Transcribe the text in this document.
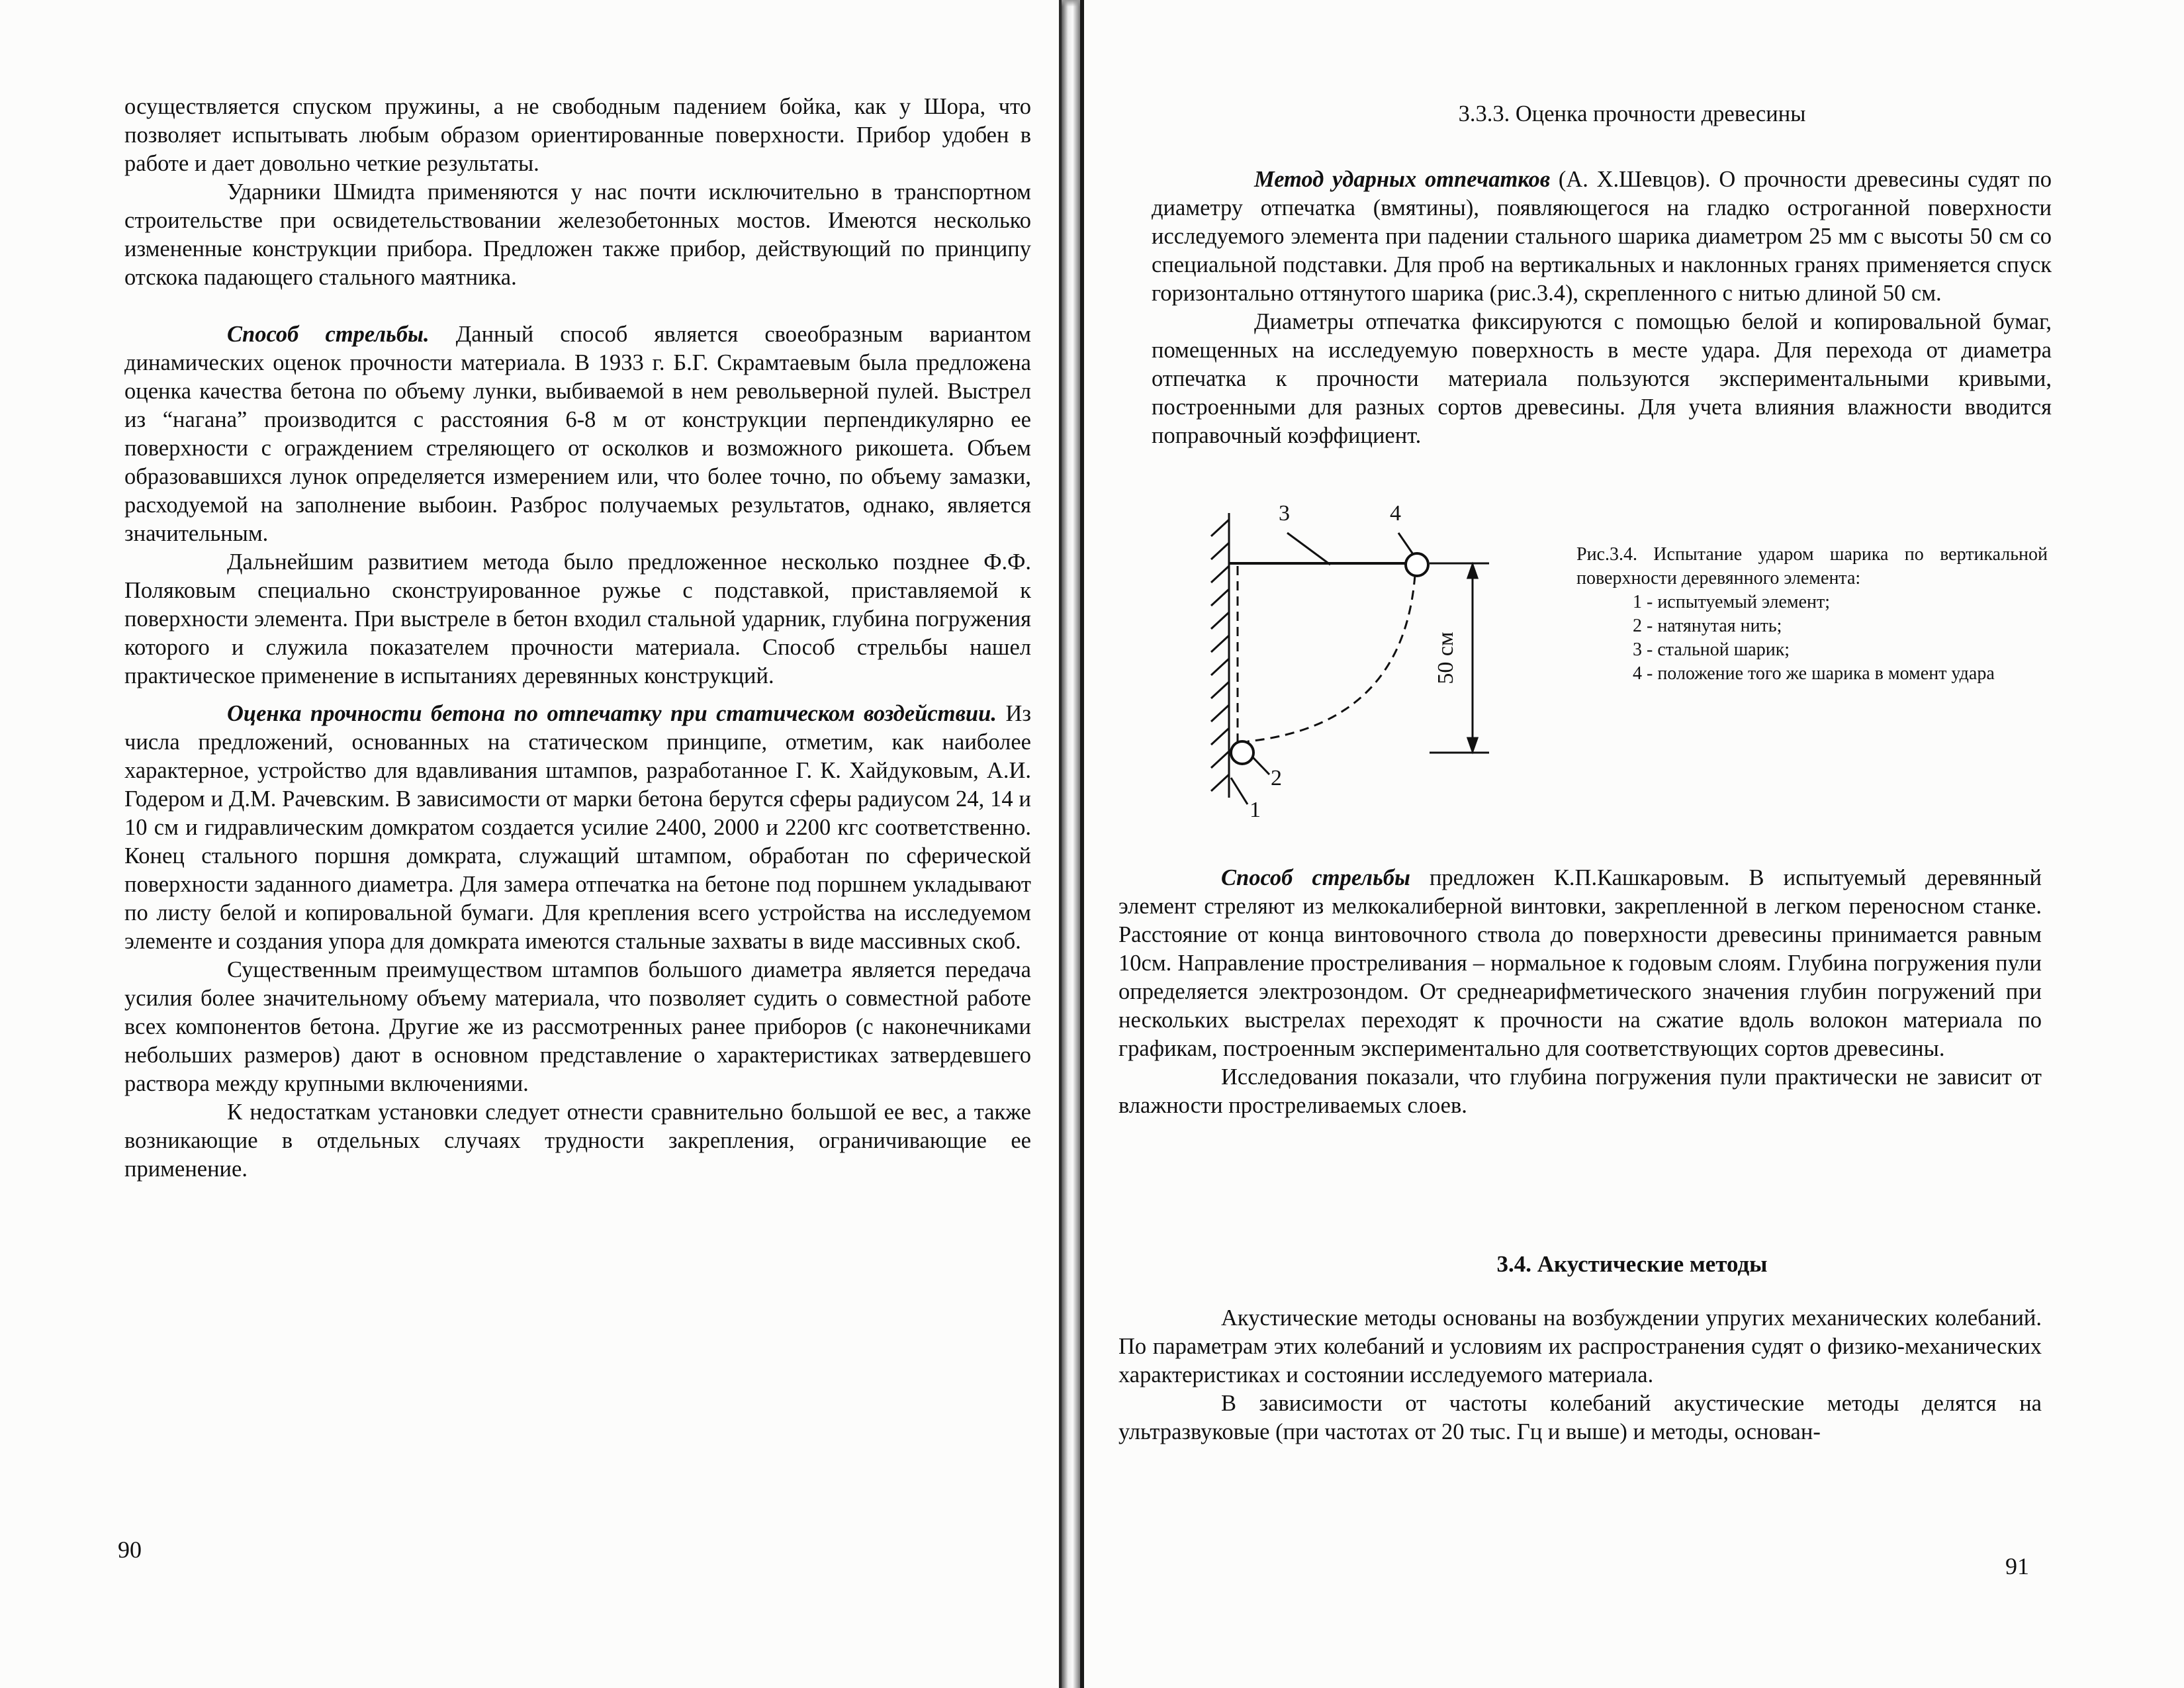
осуществляется спуском пружины, а не свободным падением бойка, как у Шора, что позволяет испытывать любым образом ориентированные поверхности. Прибор удобен в работе и дает довольно четкие результаты.

Ударники Шмидта применяются у нас почти исключительно в транспортном строительстве при освидетельствовании железобетонных мостов. Имеются несколько измененные конструкции прибора. Предложен также прибор, действующий по принципу отскока падающего стального маятника.

Способ стрельбы. Данный способ является своеобразным вариантом динамических оценок прочности материала. В 1933 г. Б.Г. Скрамтаевым была предложена оценка качества бетона по объему лунки, выбиваемой в нем револьверной пулей. Выстрел из “нагана” производится с расстояния 6-8 м от конструкции перпендикулярно ее поверхности с ограждением стреляющего от осколков и возможного рикошета. Объем образовавшихся лунок определяется измерением или, что более точно, по объему замазки, расходуемой на заполнение выбоин. Разброс получаемых результатов, однако, является значительным.

Дальнейшим развитием метода было предложенное несколько позднее Ф.Ф. Поляковым специально сконструированное ружье с подставкой, приставляемой к поверхности элемента. При выстреле в бетон входил стальной ударник, глубина погружения которого и служила показателем прочности материала. Способ стрельбы нашел практическое применение в испытаниях деревянных конструкций.

Оценка прочности бетона по отпечатку при статическом воздействии. Из числа предложений, основанных на статическом принципе, отметим, как наиболее характерное, устройство для вдавливания штампов, разработанное Г. К. Хайдуковым, А.И. Годером и Д.М. Рачевским. В зависимости от марки бетона берутся сферы радиусом 24, 14 и 10 см и гидравлическим домкратом создается усилие 2400, 2000 и 2200 кгс соответственно. Конец стального поршня домкрата, служащий штампом, обработан по сферической поверхности заданного диаметра. Для замера отпечатка на бетоне под поршнем укладывают по листу белой и копировальной бумаги. Для крепления всего устройства на исследуемом элементе и создания упора для домкрата имеются стальные захваты в виде массивных скоб.

Существенным преимуществом штампов большого диаметра является передача усилия более значительному объему материала, что позволяет судить о совместной работе всех компонентов бетона. Другие же из рассмотренных ранее приборов (с наконечниками небольших размеров) дают в основном представление о характеристиках затвердевшего раствора между крупными включениями.

К недостаткам установки следует отнести сравнительно большой ее вес, а также возникающие в отдельных случаях трудности закрепления, ограничивающие ее применение.

90
3.3.3. Оценка прочности древесины

Метод ударных отпечатков (А. Х.Шевцов). О прочности древесины судят по диаметру отпечатка (вмятины), появляющегося на гладко остроганной поверхности исследуемого элемента при падении стального шарика диаметром 25 мм с высоты 50 см со специальной подставки. Для проб на вертикальных и наклонных гранях применяется спуск горизонтально оттянутого шарика (рис.3.4), скрепленного с нитью длиной 50 см.

Диаметры отпечатка фиксируются с помощью белой и копировальной бумаг, помещенных на исследуемую поверхность в месте удара. Для перехода от диаметра отпечатка к прочности материала пользуются экспериментальными кривыми, построенными для разных сортов древесины. Для учета влияния влажности вводится поправочный коэффициент.

3	4
2
1
50 см

Рис.3.4. Испытание ударом шарика по вертикальной поверхности деревянного элемента:

1 - испытуемый элемент;
2 - натянутая нить;
3 - стальной шарик;
4 - положение того же шарика в момент удара

Способ стрельбы предложен К.П.Кашкаровым. В испытуемый деревянный элемент стреляют из мелкокалиберной винтовки, закрепленной в легком переносном станке. Расстояние от конца винтовочного ствола до поверхности древесины принимается равным 10см. Направление простреливания – нормальное к годовым слоям. Глубина погружения пули определяется электрозондом. От среднеарифметического значения глубин погружений при нескольких выстрелах переходят к прочности на сжатие вдоль волокон материала по графикам, построенным экспериментально для соответствующих сортов древесины.

Исследования показали, что глубина погружения пули практически не зависит от влажности простреливаемых слоев.

3.4. Акустические методы

Акустические методы основаны на возбуждении упругих механических колебаний. По параметрам этих колебаний и условиям их распространения судят о физико-механических характеристиках и состоянии исследуемого материала.

В зависимости от частоты колебаний акустические методы делятся на ультразвуковые (при частотах от 20 тыс. Гц и выше) и методы, основан-

91
